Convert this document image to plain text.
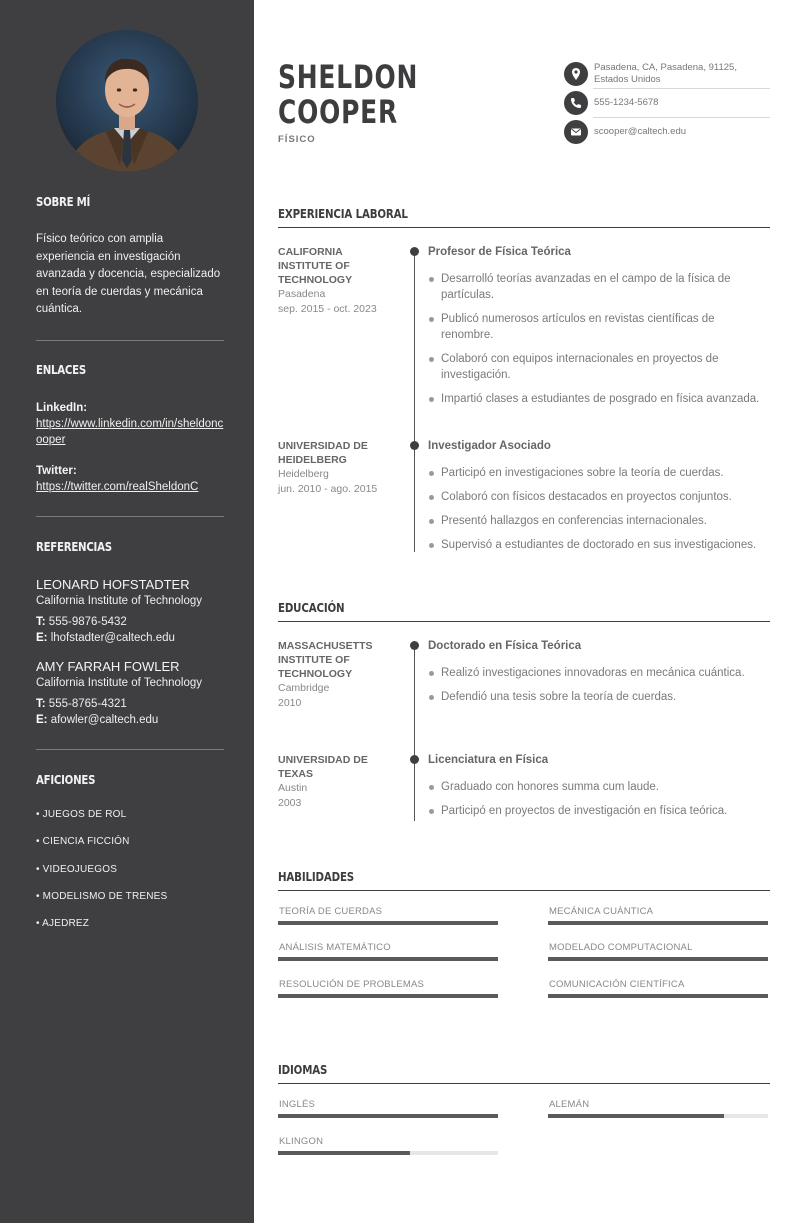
SOBRE MÍ
Físico teórico con amplia experiencia en investigación avanzada y docencia, especializado en teoría de cuerdas y mecánica cuántica.
ENLACES
LinkedIn:
https://www.linkedin.com/in/sheldoncooper
Twitter:
https://twitter.com/realSheldonC
REFERENCIAS
LEONARD HOFSTADTER
California Institute of Technology
T: 555-9876-5432
E: lhofstadter@caltech.edu
AMY FARRAH FOWLER
California Institute of Technology
T: 555-8765-4321
E: afowler@caltech.edu
AFICIONES
• JUEGOS DE ROL
• CIENCIA FICCIÓN
• VIDEOJUEGOS
• MODELISMO DE TRENES
• AJEDREZ
SHELDON
COOPER
FÍSICO
Pasadena, CA, Pasadena, 91125, Estados Unidos
555-1234-5678
scooper@caltech.edu
EXPERIENCIA LABORAL
CALIFORNIA INSTITUTE OF TECHNOLOGY
Pasadena
sep. 2015 - oct. 2023
Profesor de Física Teórica
Desarrolló teorías avanzadas en el campo de la física de partículas.
Publicó numerosos artículos en revistas científicas de renombre.
Colaboró con equipos internacionales en proyectos de investigación.
Impartió clases a estudiantes de posgrado en física avanzada.
UNIVERSIDAD DE HEIDELBERG
Heidelberg
jun. 2010 - ago. 2015
Investigador Asociado
Participó en investigaciones sobre la teoría de cuerdas.
Colaboró con físicos destacados en proyectos conjuntos.
Presentó hallazgos en conferencias internacionales.
Supervisó a estudiantes de doctorado en sus investigaciones.
EDUCACIÓN
MASSACHUSETTS INSTITUTE OF TECHNOLOGY
Cambridge
2010
Doctorado en Física Teórica
Realizó investigaciones innovadoras en mecánica cuántica.
Defendió una tesis sobre la teoría de cuerdas.
UNIVERSIDAD DE TEXAS
Austin
2003
Licenciatura en Física
Graduado con honores summa cum laude.
Participó en proyectos de investigación en física teórica.
HABILIDADES
TEORÍA DE CUERDAS	MECÁNICA CUÁNTICA
ANÁLISIS MATEMÁTICO	MODELADO COMPUTACIONAL
RESOLUCIÓN DE PROBLEMAS	COMUNICACIÓN CIENTÍFICA
IDIOMAS
INGLÉS	ALEMÁN
KLINGON
